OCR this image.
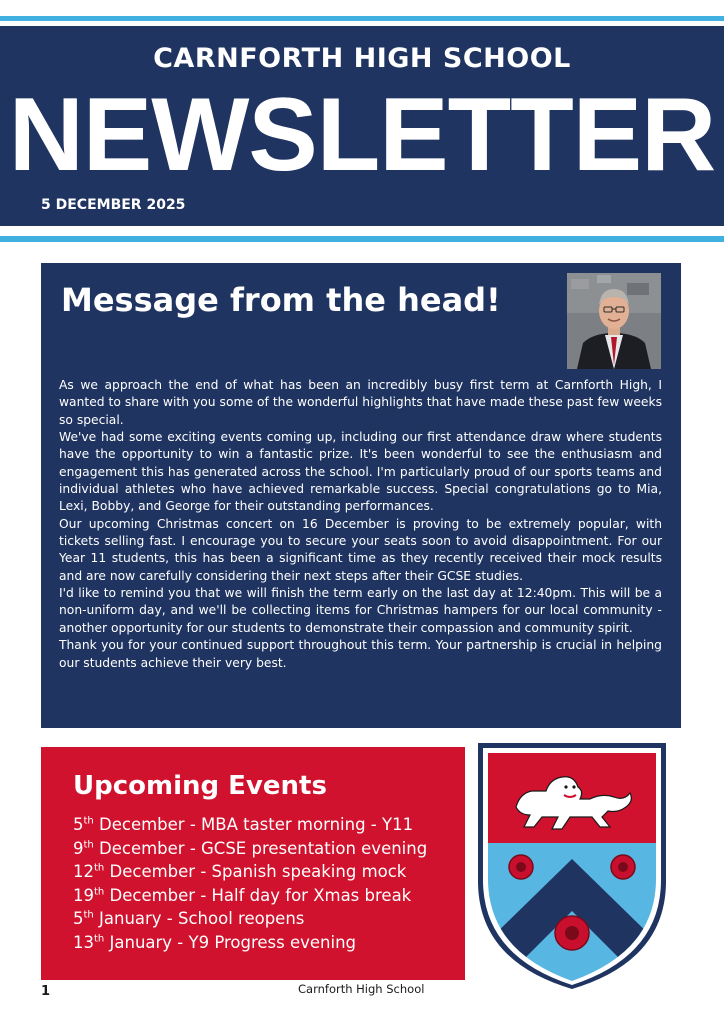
CARNFORTH HIGH SCHOOL
NEWSLETTER
5 DECEMBER 2025
Message from the head!

As we approach the end of what has been an incredibly busy first term at Carnforth High, I wanted to share with you some of the wonderful highlights that have made these past few weeks so special.

We've had some exciting events coming up, including our first attendance draw where students have the opportunity to win a fantastic prize. It's been wonderful to see the enthusiasm and engagement this has generated across the school. I'm particularly proud of our sports teams and individual athletes who have achieved remarkable success. Special congratulations go to Mia, Lexi, Bobby, and George for their outstanding performances.

Our upcoming Christmas concert on 16 December is proving to be extremely popular, with tickets selling fast. I encourage you to secure your seats soon to avoid disappointment. For our Year 11 students, this has been a significant time as they recently received their mock results and are now carefully considering their next steps after their GCSE studies.

I'd like to remind you that we will finish the term early on the last day at 12:40pm. This will be a non-uniform day, and we'll be collecting items for Christmas hampers for our local community - another opportunity for our students to demonstrate their compassion and community spirit.

Thank you for your continued support throughout this term. Your partnership is crucial in helping our students achieve their very best.

Upcoming Events
5th December - MBA taster morning - Y11
9th December - GCSE presentation evening
12th December - Spanish speaking mock
19th December - Half day for Xmas break
5th January - School reopens
13th January - Y9 Progress evening
1	Carnforth High School
